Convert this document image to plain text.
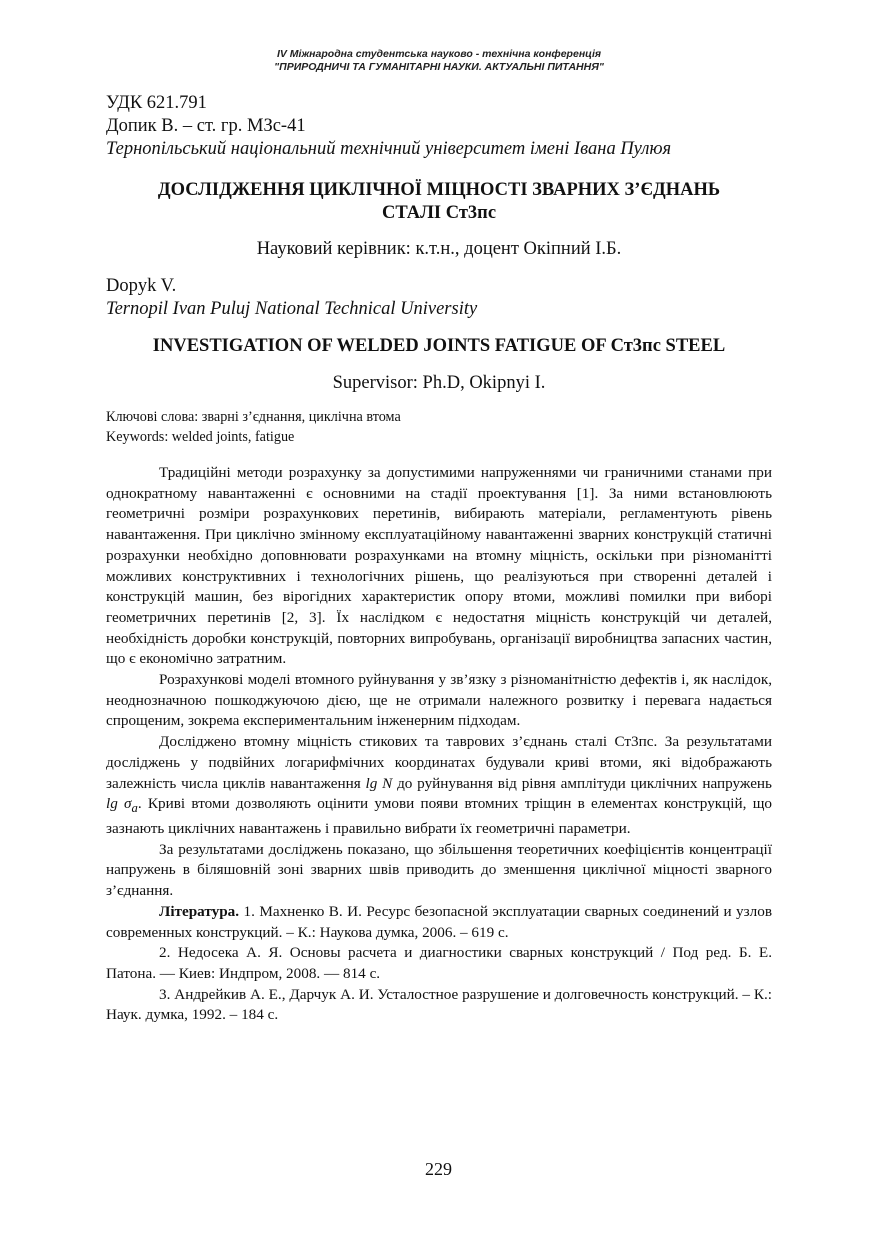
IV Міжнародна студентська науково - технічна конференція
"ПРИРОДНИЧІ ТА ГУМАНІТАРНІ НАУКИ. АКТУАЛЬНІ ПИТАННЯ"
УДК 621.791
Допик В. – ст. гр. МЗс-41
Тернопільський національний технічний університет імені Івана Пулюя
ДОСЛІДЖЕННЯ ЦИКЛІЧНОЇ МІЦНОСТІ ЗВАРНИХ З’ЄДНАНЬ
СТАЛІ Ст3пс
Науковий керівник: к.т.н., доцент Окіпний І.Б.
Dopyk V.
Ternopil Ivan Puluj National Technical University
INVESTIGATION OF WELDED JOINTS FATIGUE OF Ст3пс STEEL
Supervisor: Ph.D, Okipnyi I.
Ключові слова: зварні з’єднання, циклічна втома
Keywords: welded joints, fatigue

Традиційні методи розрахунку за допустимими напруженнями чи граничними станами при однократному навантаженні є основними на стадії проектування [1]. За ними встановлюють геометричні розміри розрахункових перетинів, вибирають матеріали, регламентують рівень навантаження. При циклічно змінному експлуатаційному навантаженні зварних конструкцій статичні розрахунки необхідно доповнювати розрахунками на втомну міцність, оскільки при різноманітті можливих конструктивних і технологічних рішень, що реалізуються при створенні деталей і конструкцій машин, без вірогідних характеристик опору втоми, можливі помилки при виборі геометричних перетинів [2, 3]. Їх наслідком є недостатня міцність конструкцій чи деталей, необхідність доробки конструкцій, повторних випробувань, організації виробництва запасних частин, що є економічно затратним.

Розрахункові моделі втомного руйнування у зв’язку з різноманітністю дефектів і, як наслідок, неоднозначною пошкоджуючою дією, ще не отримали належного розвитку і перевага надається спрощеним, зокрема експериментальним інженерним підходам.

Досліджено втомну міцність стикових та таврових з’єднань сталі Ст3пс. За результатами досліджень у подвійних логарифмічних координатах будували криві втоми, які відображають залежність числа циклів навантаження lg N до руйнування від рівня амплітуди циклічних напружень $\lg \sigma_a$. Криві втоми дозволяють оцінити умови появи втомних тріщин в елементах конструкцій, що зазнають циклічних навантажень і правильно вибрати їх геометричні параметри.

За результатами досліджень показано, що збільшення теоретичних коефіцієнтів концентрації напружень в біляшовній зоні зварних швів приводить до зменшення циклічної міцності зварного з’єднання.

Література. 1. Махненко В. И. Ресурс безопасной эксплуатации сварных соединений и узлов современных конструкций. – К.: Наукова думка, 2006. – 619 с.

2. Недосека А. Я. Основы расчета и диагностики сварных конструкций / Под ред. Б. Е. Патона. — Киев: Индпром, 2008. — 814 с.

3. Андрейкив А. Е., Дарчук А. И. Усталостное разрушение и долговечность конструкций. – К.: Наук. думка, 1992. – 184 с.

229
